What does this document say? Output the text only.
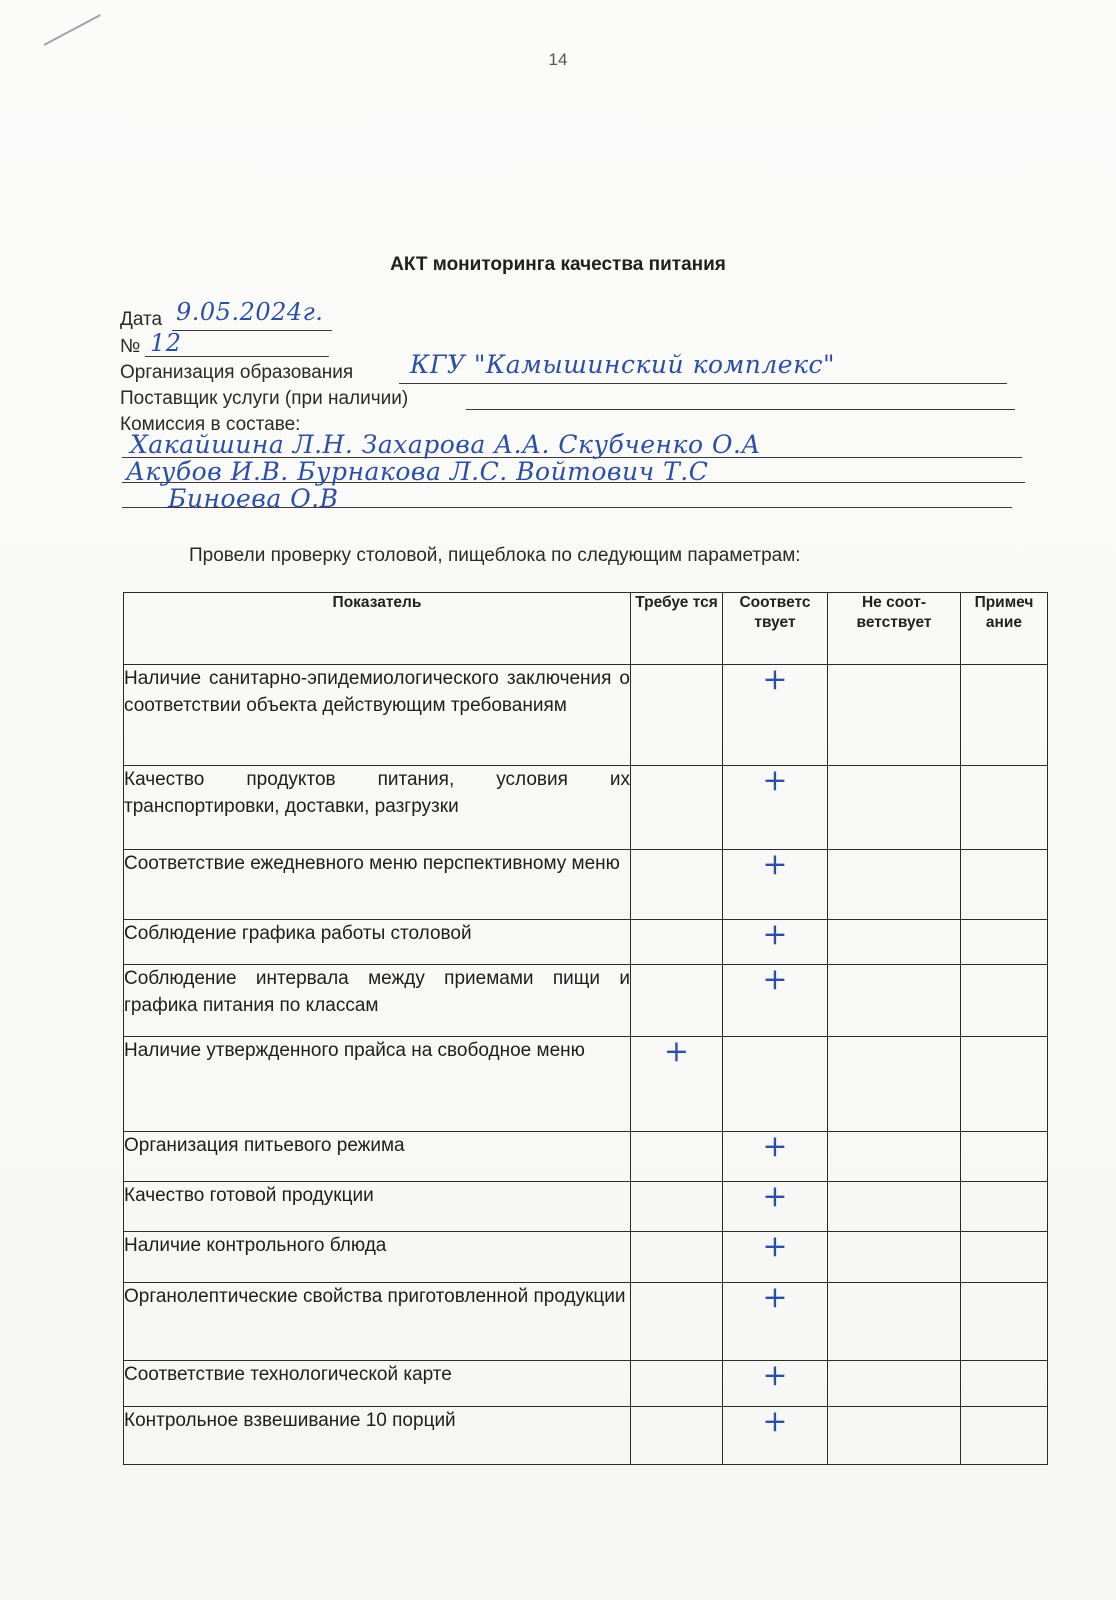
14
АКТ мониторинга качества питания
Дата 9.05.2024г.
№ 12
Организация образования КГУ "Камышинский комплекс"
Поставщик услуги (при наличии)
Комиссия в составе:
Хакайшина Л.Н. Захарова А.А. Скубченко О.А
Акубов И.В. Бурнакова Л.С. Войтович Т.С
Биноева О.В
Провели проверку столовой, пищеблока по следующим параметрам:
Показатель	Требуе тся	Соответс твует	Не соот-ветствует	Примеч ание
Наличие санитарно-эпидемиологического заключения о соответствии объекта действующим требованиям		+		
Качество продуктов питания, условия их транспортировки, доставки, разгрузки		+		
Соответствие ежедневного меню перспективному меню		+		
Соблюдение графика работы столовой		+		
Соблюдение интервала между приемами пищи и графика питания по классам		+		
Наличие утвержденного прайса на свободное меню	+			
Организация питьевого режима		+		
Качество готовой продукции		+		
Наличие контрольного блюда		+		
Органолептические свойства приготовленной продукции		+		
Соответствие технологической карте		+		
Контрольное взвешивание 10 порций		+		
